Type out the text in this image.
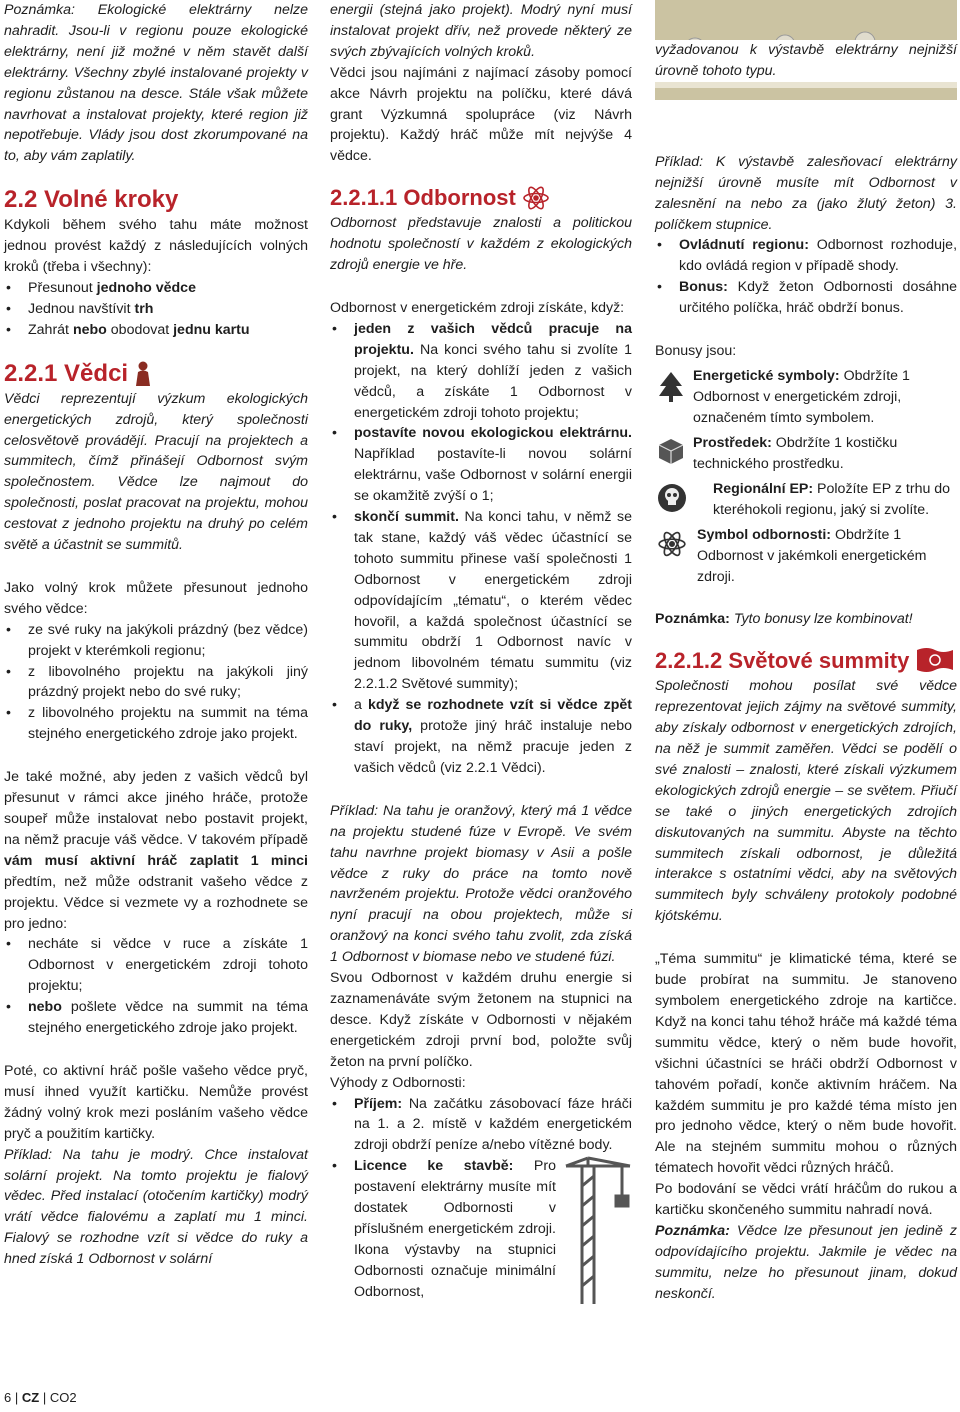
Poznámka: Ekologické elektrárny nelze nahradit. Jsou-li v regionu pouze ekologické elektrárny, není již možné v něm stavět další elektrárny. Všechny zbylé instalované projekty v regionu zůstanou na desce. Stále však můžete navrhovat a instalovat projekty, které region již nepotřebuje. Vlády jsou dost zkorumpované na to, aby vám zaplatily.

2.2 Volné kroky

Kdykoli během svého tahu máte možnost jednou provést každý z následujících volných kroků (třeba i všechny):

• Přesunout jednoho vědce
• Jednou navštívit trh
• Zahrát nebo obodovat jednu kartu
2.2.1 Vědci

Vědci reprezentují výzkum ekologických energetických zdrojů, který společnosti celosvětově provádějí. Pracují na projektech a summitech, čímž přinášejí Odbornost svým společnostem. Vědce lze najmout do společnosti, poslat pracovat na projektu, mohou cestovat z jednoho projektu na druhý po celém světě a účastnit se summitů.

Jako volný krok můžete přesunout jednoho svého vědce:

• ze své ruky na jakýkoli prázdný (bez vědce) projekt v kterémkoli regionu;
• z libovolného projektu na jakýkoli jiný prázdný projekt nebo do své ruky;
• z libovolného projektu na summit na téma stejného energetického zdroje jako projekt.

Je také možné, aby jeden z vašich vědců byl přesunut v rámci akce jiného hráče, protože soupeř může instalovat nebo postavit projekt, na němž pracuje váš vědce. V takovém případě vám musí aktivní hráč zaplatit 1 minci předtím, než může odstranit vašeho vědce z projektu. Vědce si vezmete vy a rozhodnete se pro jedno:

• necháte si vědce v ruce a získáte 1 Odbornost v energetickém zdroji tohoto projektu;
• nebo pošlete vědce na summit na téma stejného energetického zdroje jako projekt.

Poté, co aktivní hráč pošle vašeho vědce pryč, musí ihned využít kartičku. Nemůže provést žádný volný krok mezi posláním vašeho vědce pryč a použitím kartičky.

Příklad: Na tahu je modrý. Chce instalovat solární projekt. Na tomto projektu je fialový vědec. Před instalací (otočením kartičky) modrý vrátí vědce fialovému a zaplatí mu 1 minci. Fialový se rozhodne vzít si vědce do ruky a hned získá 1 Odbornost v solární

energii (stejná jako projekt). Modrý nyní musí instalovat projekt dřív, než provede některý ze svých zbývajících volných kroků.

Vědci jsou najímáni z najímací zásoby pomocí akce Návrh projektu na políčku, které dává grant Výzkumná spolupráce (viz Návrh projektu). Každý hráč může mít nejvýše 4 vědce.

2.2.1.1 Odbornost

Odbornost představuje znalosti a politickou hodnotu společností v každém z ekologických zdrojů energie ve hře.

Odbornost v energetickém zdroji získáte, když:

• jeden z vašich vědců pracuje na projektu. Na konci svého tahu si zvolíte 1 projekt, na který dohlíží jeden z vašich vědců, a získáte 1 Odbornost v energetickém zdroji tohoto projektu;
• postavíte novou ekologickou elektrárnu. Například postavíte-li novou solární elektrárnu, vaše Odbornost v solární energii se okamžitě zvýší o 1;
• skončí summit. Na konci tahu, v němž se tak stane, každý váš vědec účastnící se tohoto summitu přinese vaší společnosti 1 Odbornost v energetickém zdroji odpovídajícím „tématu“, o kterém vědec hovořil, a každá společnost účastnící se summitu obdrží 1 Odbornost navíc v jednom libovolném tématu summitu (viz 2.2.1.2 Světové summity);
• a když se rozhodnete vzít si vědce zpět do ruky, protože jiný hráč instaluje nebo staví projekt, na němž pracuje jeden z vašich vědců (viz 2.2.1 Vědci).

Příklad: Na tahu je oranžový, který má 1 vědce na projektu studené fúze v Evropě. Ve svém tahu navrhne projekt biomasy v Asii a pošle vědce z ruky do práce na tomto nově navrženém projektu. Protože vědci oranžového nyní pracují na obou projektech, může si oranžový na konci svého tahu zvolit, zda získá 1 Odbornost v biomase nebo ve studené fúzi.

Svou Odbornost v každém druhu energie si zaznamenáváte svým žetonem na stupnici na desce. Když získáte v Odbornosti v nějakém energetickém zdroji první bod, položte svůj žeton na první políčko.

Výhody z Odbornosti:

• Příjem: Na začátku zásobovací fáze hráči na 1. a 2. místě v každém energetickém zdroji obdrží peníze a/nebo vítězné body.
• Licence ke stavbě: Pro postavení elektrárny musíte mít dostatek Odbornosti v příslušném energetickém zdroji. Ikona výstavby na stupnici Odbornosti označuje minimální Odbornost,

vyžadovanou k výstavbě elektrárny nejnižší úrovně tohoto typu.

Příklad: K výstavbě zalesňovací elektrárny nejnižší úrovně musíte mít Odbornost v zalesnění na nebo za (jako žlutý žeton) 3. políčkem stupnice.

• Ovládnutí regionu: Odbornost rozhoduje, kdo ovládá region v případě shody.
• Bonus: Když žeton Odbornosti dosáhne určitého políčka, hráč obdrží bonus.

Bonusy jsou:

Energetické symboly: Obdržíte 1 Odbornost v energetickém zdroji, označeném tímto symbolem.
Prostředek: Obdržíte 1 kostičku technického prostředku.
Regionální EP: Položíte EP z trhu do kteréhokoli regionu, jaký si zvolíte.
Symbol odbornosti: Obdržíte 1 Odbornost v jakémkoli energetickém zdroji.

Poznámka: Tyto bonusy lze kombinovat!

2.2.1.2 Světové summity

Společnosti mohou posílat své vědce reprezentovat jejich zájmy na světové summity, aby získaly odbornost v energetických zdrojích, na něž je summit zaměřen. Vědci se podělí o své znalosti – znalosti, které získali výzkumem ekologických zdrojů energie – se světem. Přiučí se také o jiných energetických zdrojích diskutovaných na summitu. Abyste na těchto summitech získali odbornost, je důležitá interakce s ostatními vědci, aby na světových summitech byly schváleny protokoly podobné kjótskému.

„Téma summitu“ je klimatické téma, které se bude probírat na summitu. Je stanoveno symbolem energetického zdroje na kartičce. Když na konci tahu téhož hráče má každé téma summitu vědce, který o něm bude hovořit, všichni účastníci se hráči obdrží Odbornost v tahovém pořadí, konče aktivním hráčem. Na každém summitu je pro každé téma místo jen pro jednoho vědce, který o něm bude hovořit. Ale na stejném summitu mohou o různých tématech hovořit vědci různých hráčů.

Po bodování se vědci vrátí hráčům do rukou a kartičku skončeného summitu nahradí nová.

Poznámka: Vědce lze přesunout jen jedině z odpovídajícího projektu. Jakmile je vědec na summitu, nelze ho přesunout jinam, dokud neskončí.

6 | CZ | CO2
